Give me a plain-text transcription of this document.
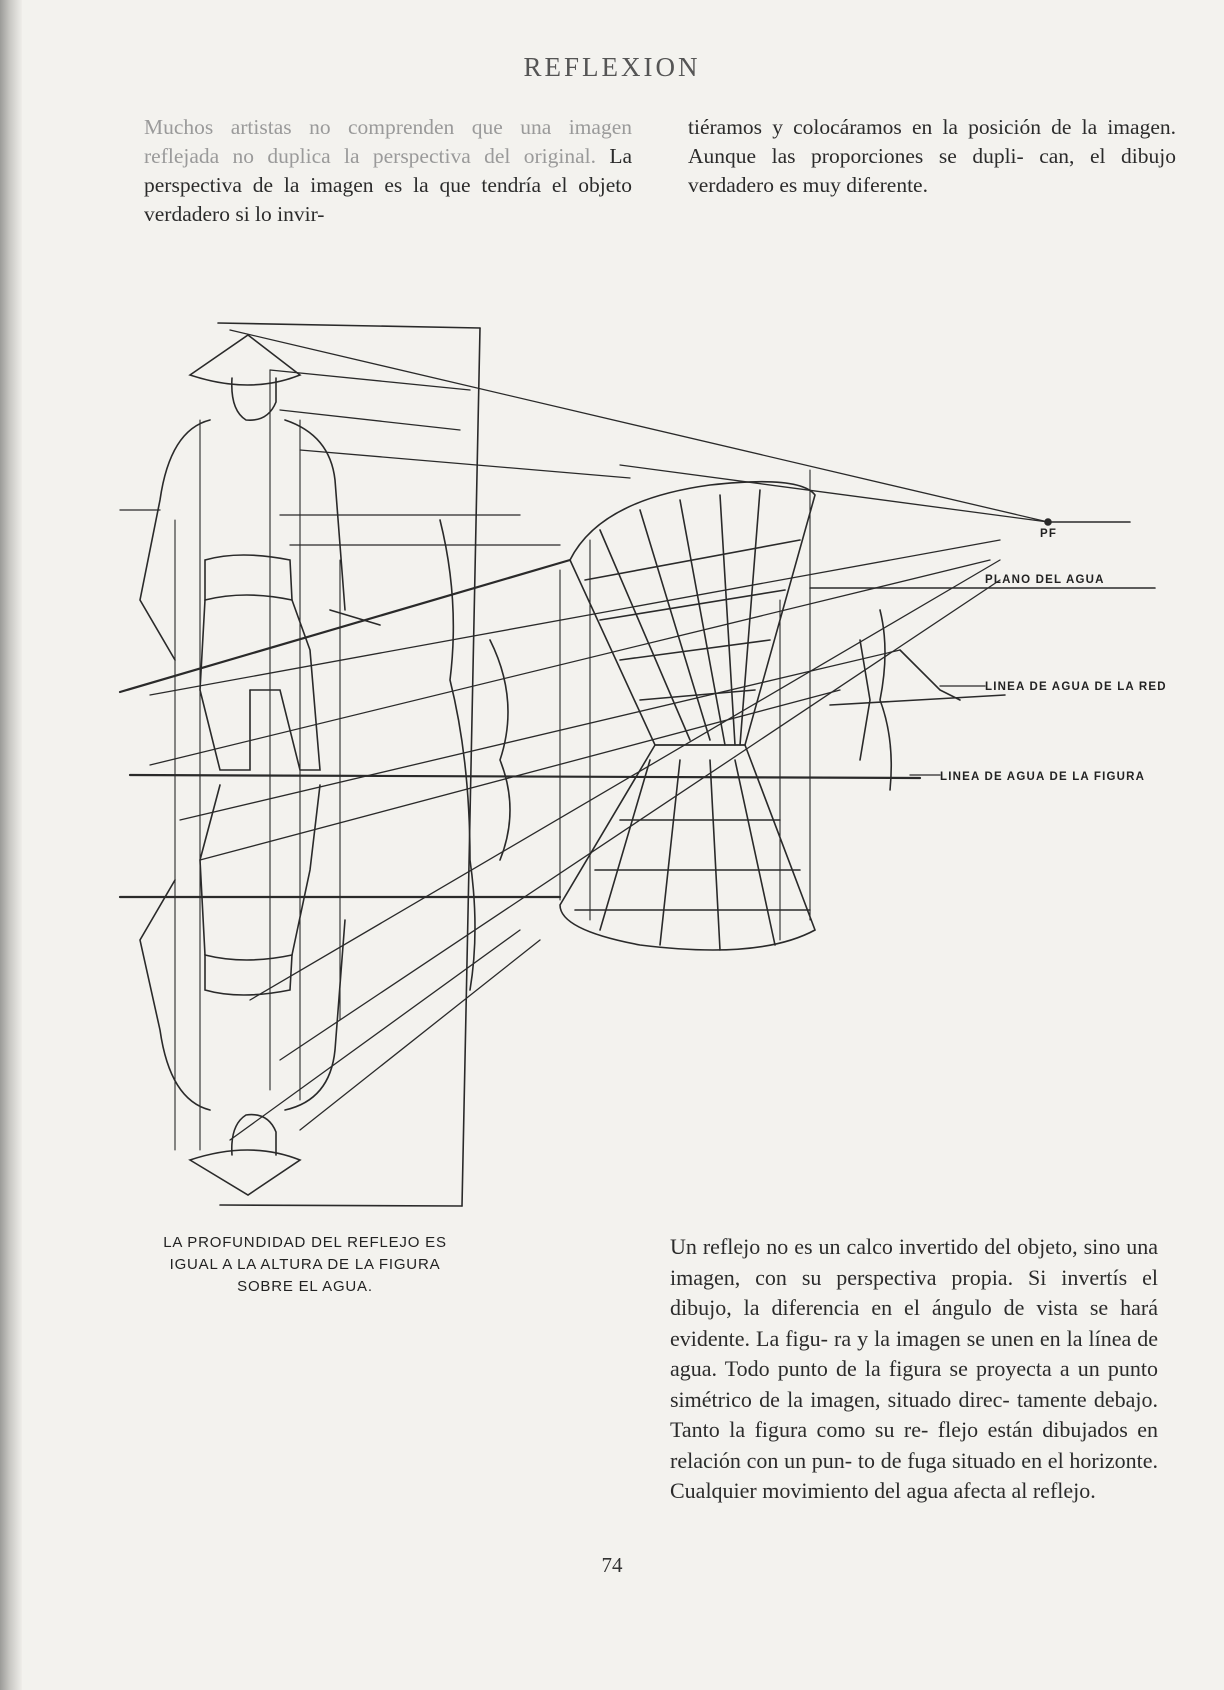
REFLEXION

Muchos artistas no comprenden que una imagen reflejada no duplica la perspectiva del original. La perspectiva de la imagen es la que tendría el objeto verdadero si lo invir-

tiéramos y colocáramos en la posición de la imagen. Aunque las proporciones se dupli- can, el dibujo verdadero es muy diferente.

PF
PLANO DEL AGUA
LINEA DE AGUA DE LA RED
LINEA DE AGUA DE LA FIGURA
LA PROFUNDIDAD DEL REFLEJO ES
IGUAL A LA ALTURA DE LA FIGURA
SOBRE EL AGUA.

Un reflejo no es un calco invertido del objeto, sino una imagen, con su perspectiva propia. Si invertís el dibujo, la diferencia en el ángulo de vista se hará evidente. La figu- ra y la imagen se unen en la línea de agua. Todo punto de la figura se proyecta a un punto simétrico de la imagen, situado direc- tamente debajo. Tanto la figura como su re- flejo están dibujados en relación con un pun- to de fuga situado en el horizonte. Cualquier movimiento del agua afecta al reflejo.

74
